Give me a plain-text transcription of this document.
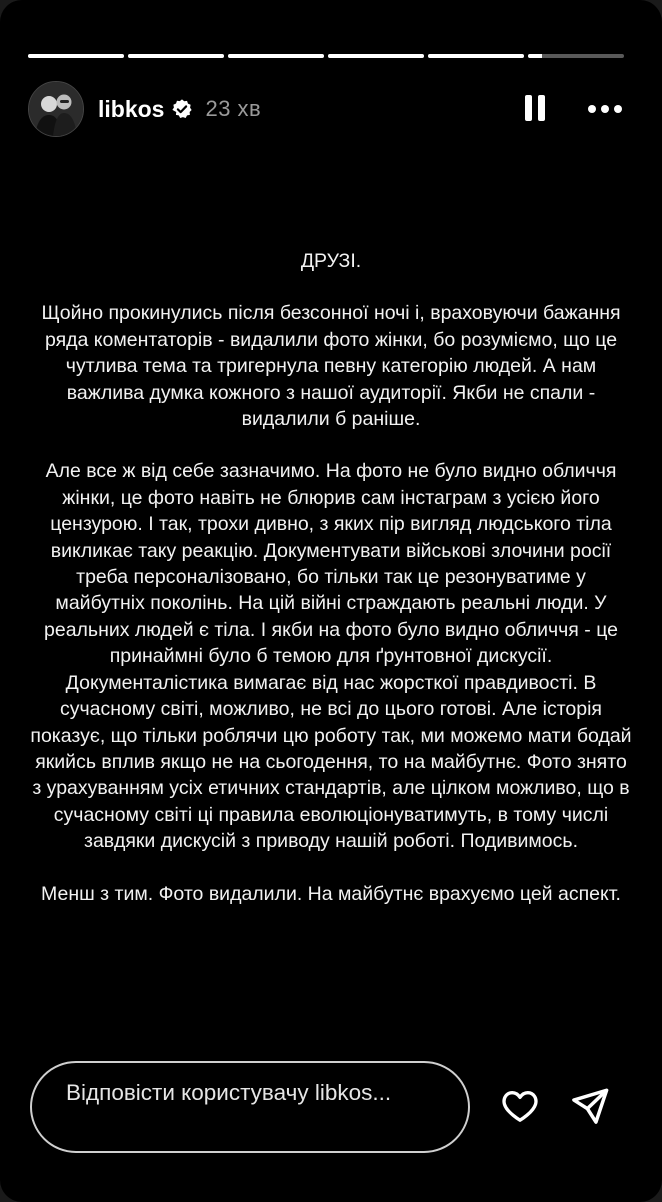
libkos 23 хв

ДРУЗІ.

Щойно прокинулись після безсонної ночі і, враховуючи бажання ряда коментаторів - видалили фото жінки, бо розуміємо, що це чутлива тема та тригернула певну категорію людей. А нам важлива думка кожного з нашої аудиторії. Якби не спали - видалили б раніше.

Але все ж від себе зазначимо. На фото не було видно обличчя жінки, це фото навіть не блюрив сам інстаграм з усією його цензурою. І так, трохи дивно, з яких пір вигляд людського тіла викликає таку реакцію. Документувати військові злочини росії треба персоналізовано, бо тільки так це резонуватиме у майбутніх поколінь. На цій війні страждають реальні люди. У реальних людей є тіла. І якби на фото було видно обличчя - це принаймні було б темою для ґрунтовної дискусії. Документалістика вимагає від нас жорсткої правдивості. В сучасному світі, можливо, не всі до цього готові. Але історія показує, що тільки роблячи цю роботу так, ми можемо мати бодай якийсь вплив якщо не на сьогодення, то на майбутнє. Фото знято з урахуванням усіх етичних стандартів, але цілком можливо, що в сучасному світі ці правила еволюціонуватимуть, в тому числі завдяки дискусій з приводу нашій роботі. Подивимось.

Менш з тим. Фото видалили. На майбутнє врахуємо цей аспект.

Відповісти користувачу libkos...
